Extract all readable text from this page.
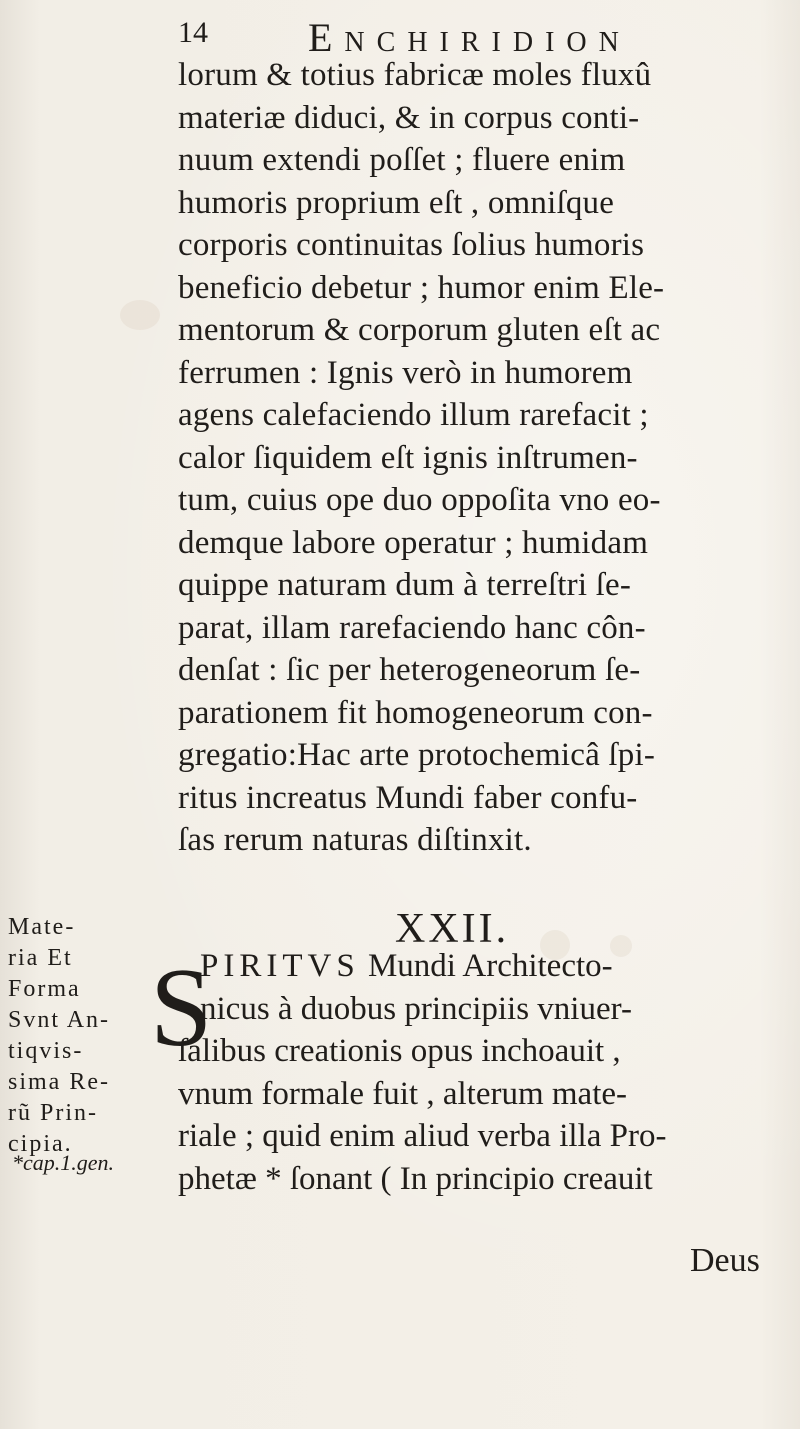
14	Enchiridion
lorum & totius fabricæ moles fluxû
materiæ diduci, & in corpus conti-
nuum extendi poſſet ; fluere enim
humoris proprium eſt , omniſque
corporis continuitas ſolius humoris
beneficio debetur ; humor enim Ele-
mentorum & corporum gluten eſt ac
ferrumen : Ignis verò in humorem
agens calefaciendo illum rarefacit ;
calor ſiquidem eſt ignis inſtrumen-
tum, cuius ope duo oppoſita vno eo-
demque labore operatur ; humidam
quippe naturam dum à terreſtri ſe-
parat, illam rarefaciendo hanc côn-
denſat : ſic per heterogeneorum ſe-
parationem fit homogeneorum con-
gregatio:Hac arte protochemicâ ſpi-
ritus increatus Mundi faber confu-
ſas rerum naturas diſtinxit.
XXII.
S
PIRITVS Mundi Architecto-
nicus à duobus principiis vniuer-
ſalibus creationis opus inchoauit ,
vnum formale fuit , alterum mate-
riale ; quid enim aliud verba illa Pro-
phetæ * ſonant ( In principio creauit
Deus
Mate-
ria Et
Forma
Svnt An-
tiqvis-
sima Re-
rũ Prin-
cipia.
*cap.1.gen.
